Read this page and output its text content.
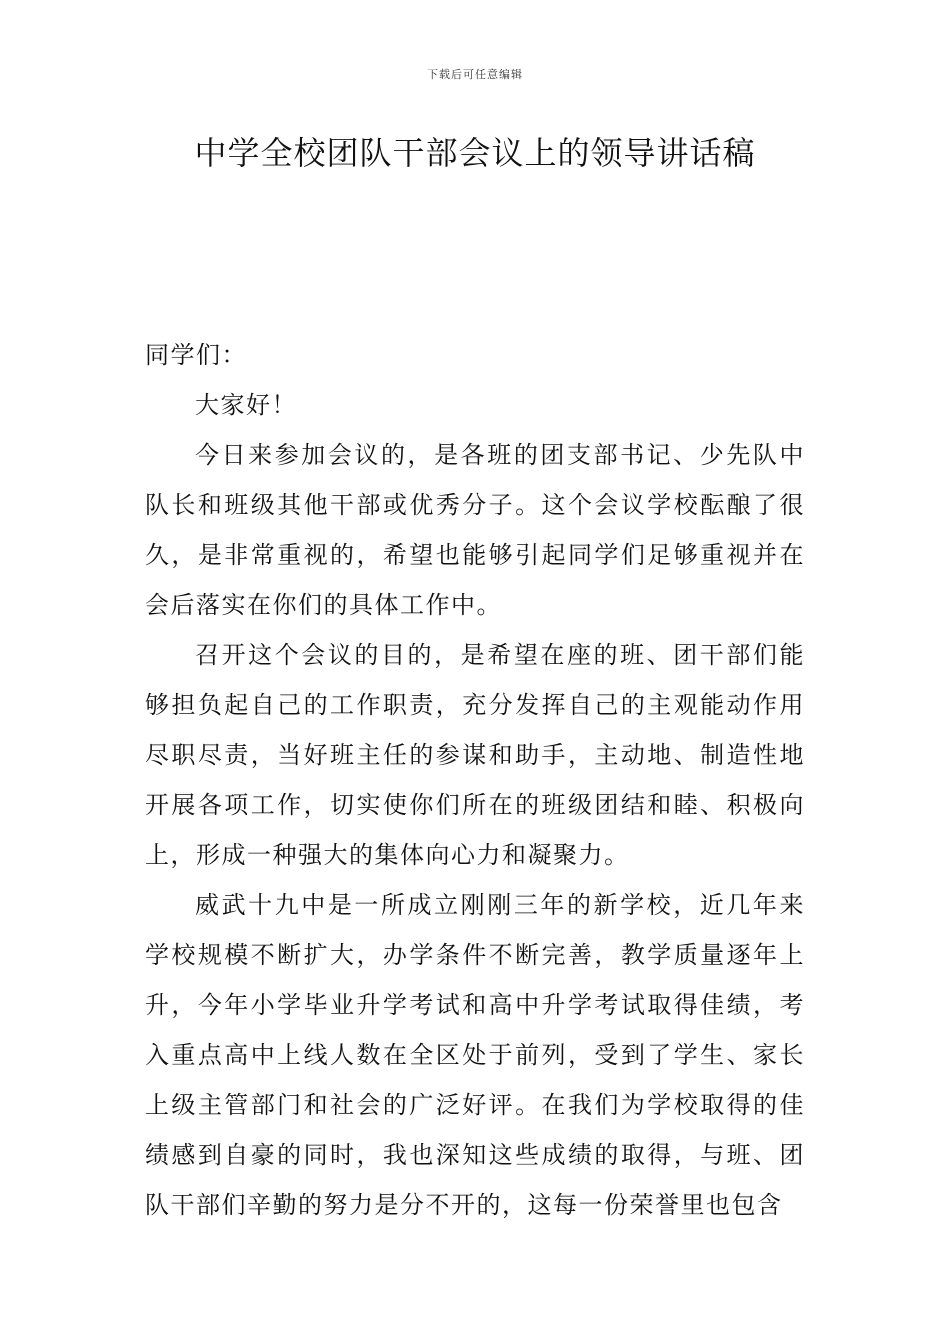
下载后可任意编辑
中学全校团队干部会议上的领导讲话稿

同学们：

大家好！

今日来参加会议的，是各班的团支部书记、少先队中队长和班级其他干部或优秀分子。这个会议学校酝酿了很久，是非常重视的，希望也能够引起同学们足够重视并在会后落实在你们的具体工作中。

召开这个会议的目的，是希望在座的班、团干部们能够担负起自己的工作职责，充分发挥自己的主观能动作用尽职尽责，当好班主任的参谋和助手，主动地、制造性地开展各项工作，切实使你们所在的班级团结和睦、积极向上，形成一种强大的集体向心力和凝聚力。

威武十九中是一所成立刚刚三年的新学校，近几年来学校规模不断扩大，办学条件不断完善，教学质量逐年上升，今年小学毕业升学考试和高中升学考试取得佳绩，考入重点高中上线人数在全区处于前列，受到了学生、家长上级主管部门和社会的广泛好评。在我们为学校取得的佳绩感到自豪的同时，我也深知这些成绩的取得，与班、团队干部们辛勤的努力是分不开的，这每一份荣誉里也包含
